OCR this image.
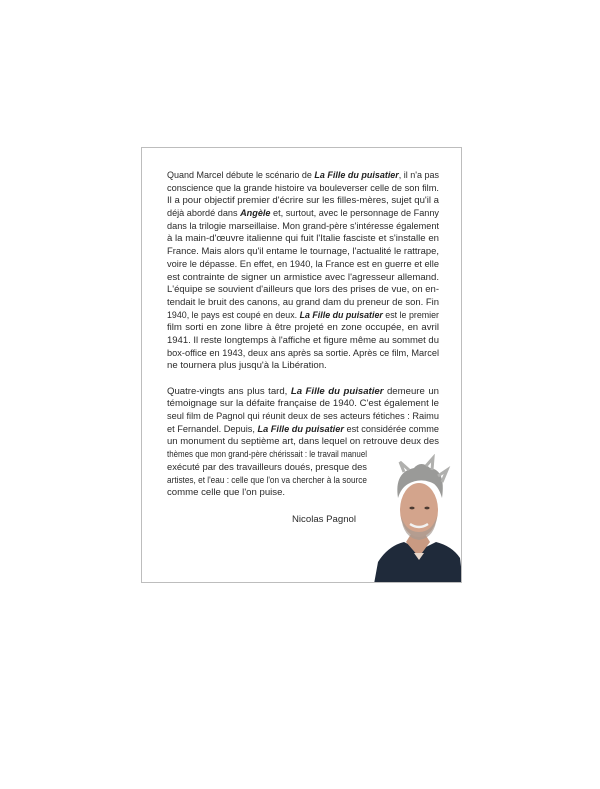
Quand Marcel débute le scénario de La Fille du puisatier, il n'a pas
conscience que la grande histoire va bouleverser celle de son film.
Il a pour objectif premier d'écrire sur les filles-mères, sujet qu'il a
déjà abordé dans Angèle et, surtout, avec le personnage de Fanny
dans la trilogie marseillaise. Mon grand-père s'intéresse également
à la main-d'œuvre italienne qui fuit l'Italie fasciste et s'installe en
France. Mais alors qu'il entame le tournage, l'actualité le rattrape,
voire le dépasse. En effet, en 1940, la France est en guerre et elle
est contrainte de signer un armistice avec l'agresseur allemand.
L'équipe se souvient d'ailleurs que lors des prises de vue, on en-
tendait le bruit des canons, au grand dam du preneur de son. Fin
1940, le pays est coupé en deux. La Fille du puisatier est le premier
film sorti en zone libre à être projeté en zone occupée, en avril
1941. Il reste longtemps à l'affiche et figure même au sommet du
box-office en 1943, deux ans après sa sortie. Après ce film, Marcel
ne tournera plus jusqu'à la Libération.
Quatre-vingts ans plus tard, La Fille du puisatier demeure un
témoignage sur la défaite française de 1940. C'est également le
seul film de Pagnol qui réunit deux de ses acteurs fétiches : Raimu
et Fernandel. Depuis, La Fille du puisatier est considérée comme
un monument du septième art, dans lequel on retrouve deux des
thèmes que mon grand-père chérissait : le travail manuel
exécuté par des travailleurs doués, presque des
artistes, et l'eau : celle que l'on va chercher à la source
comme celle que l'on puise.
Nicolas Pagnol
